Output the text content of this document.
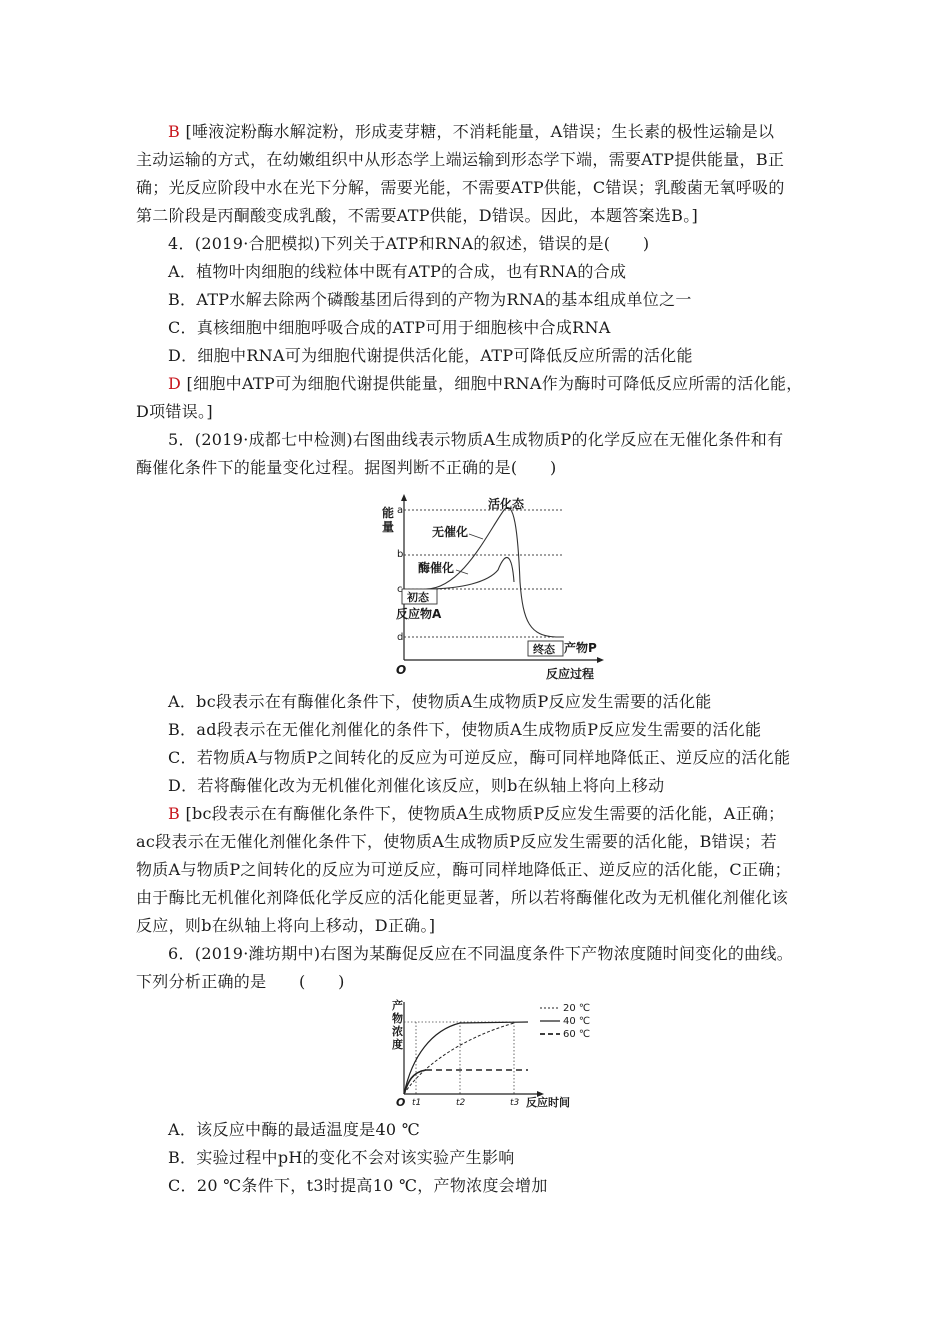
B [唾液淀粉酶水解淀粉，形成麦芽糖，不消耗能量，A错误；生长素的极性运输是以
主动运输的方式，在幼嫩组织中从形态学上端运输到形态学下端，需要ATP提供能量，B正
确；光反应阶段中水在光下分解，需要光能，不需要ATP供能，C错误；乳酸菌无氧呼吸的
第二阶段是丙酮酸变成乳酸，不需要ATP供能，D错误。因此，本题答案选B。]
4．(2019·合肥模拟)下列关于ATP和RNA的叙述，错误的是(　　)
A．植物叶肉细胞的线粒体中既有ATP的合成，也有RNA的合成
B．ATP水解去除两个磷酸基团后得到的产物为RNA的基本组成单位之一
C．真核细胞中细胞呼吸合成的ATP可用于细胞核中合成RNA
D．细胞中RNA可为细胞代谢提供活化能，ATP可降低反应所需的活化能
D [细胞中ATP可为细胞代谢提供能量，细胞中RNA作为酶时可降低反应所需的活化能，
D项错误。]
5．(2019·成都七中检测)右图曲线表示物质A生成物质P的化学反应在无催化条件和有
酶催化条件下的能量变化过程。据图判断不正确的是(　　)
能
量
a
b
c
d
O
活化态
无催化
酶催化
初态
反应物A
终态 产物P
反应过程
A．bc段表示在有酶催化条件下，使物质A生成物质P反应发生需要的活化能
B．ad段表示在无催化剂催化的条件下，使物质A生成物质P反应发生需要的活化能
C．若物质A与物质P之间转化的反应为可逆反应，酶可同样地降低正、逆反应的活化能
D．若将酶催化改为无机催化剂催化该反应，则b在纵轴上将向上移动
B [bc段表示在有酶催化条件下，使物质A生成物质P反应发生需要的活化能，A正确；
ac段表示在无催化剂催化条件下，使物质A生成物质P反应发生需要的活化能，B错误；若
物质A与物质P之间转化的反应为可逆反应，酶可同样地降低正、逆反应的活化能，C正确；
由于酶比无机催化剂降低化学反应的活化能更显著，所以若将酶催化改为无机催化剂催化该
反应，则b在纵轴上将向上移动，D正确。]
6．(2019·潍坊期中)右图为某酶促反应在不同温度条件下产物浓度随时间变化的曲线。
下列分析正确的是　　(　　)
产
物
浓
度
O t1	t2	t3 反应时间
20 ℃
40 ℃
60 ℃
A．该反应中酶的最适温度是40 ℃
B．实验过程中pH的变化不会对该实验产生影响
C．20 ℃条件下，t3时提高10 ℃，产物浓度会增加
